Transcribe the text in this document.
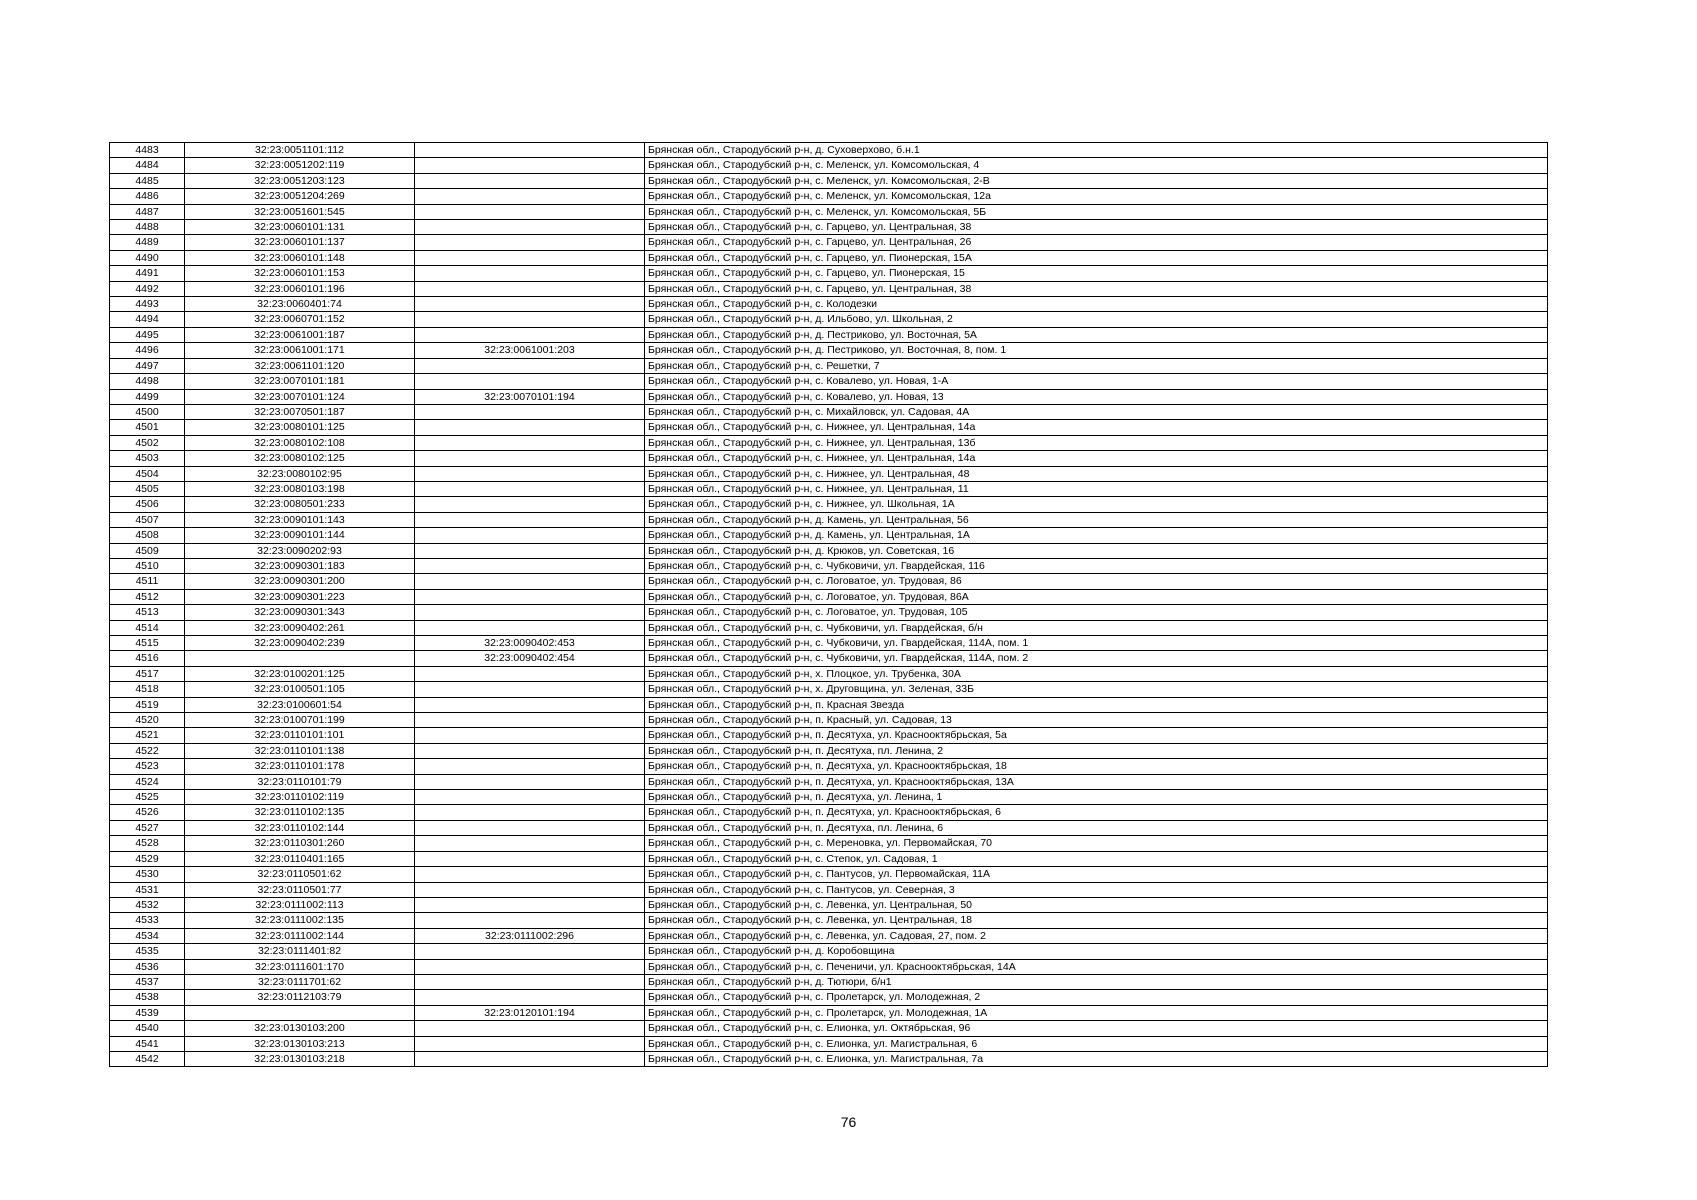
4483	32:23:0051101:112		Брянская обл., Стародубский р-н, д. Суховерхово, б.н.1
4484	32:23:0051202:119		Брянская обл., Стародубский р-н, с. Меленск, ул. Комсомольская, 4
4485	32:23:0051203:123		Брянская обл., Стародубский р-н, с. Меленск, ул. Комсомольская, 2-В
4486	32:23:0051204:269		Брянская обл., Стародубский р-н, с. Меленск, ул. Комсомольская, 12а
4487	32:23:0051601:545		Брянская обл., Стародубский р-н, с. Меленск, ул. Комсомольская, 5Б
4488	32:23:0060101:131		Брянская обл., Стародубский р-н, с. Гарцево, ул. Центральная, 38
4489	32:23:0060101:137		Брянская обл., Стародубский р-н, с. Гарцево, ул. Центральная, 26
4490	32:23:0060101:148		Брянская обл., Стародубский р-н, с. Гарцево, ул. Пионерская, 15А
4491	32:23:0060101:153		Брянская обл., Стародубский р-н, с. Гарцево, ул. Пионерская, 15
4492	32:23:0060101:196		Брянская обл., Стародубский р-н, с. Гарцево, ул. Центральная, 38
4493	32:23:0060401:74		Брянская обл., Стародубский р-н, с. Колодезки
4494	32:23:0060701:152		Брянская обл., Стародубский р-н, д. Ильбово, ул. Школьная, 2
4495	32:23:0061001:187		Брянская обл., Стародубский р-н, д. Пестриково, ул. Восточная, 5А
4496	32:23:0061001:171	32:23:0061001:203	Брянская обл., Стародубский р-н, д. Пестриково, ул. Восточная, 8, пом. 1
4497	32:23:0061101:120		Брянская обл., Стародубский р-н, с. Решетки, 7
4498	32:23:0070101:181		Брянская обл., Стародубский р-н, с. Ковалево, ул. Новая, 1-А
4499	32:23:0070101:124	32:23:0070101:194	Брянская обл., Стародубский р-н, с. Ковалево, ул. Новая, 13
4500	32:23:0070501:187		Брянская обл., Стародубский р-н, с. Михайловск, ул. Садовая, 4А
4501	32:23:0080101:125		Брянская обл., Стародубский р-н, с. Нижнее, ул. Центральная, 14а
4502	32:23:0080102:108		Брянская обл., Стародубский р-н, с. Нижнее, ул. Центральная, 13б
4503	32:23:0080102:125		Брянская обл., Стародубский р-н, с. Нижнее, ул. Центральная, 14а
4504	32:23:0080102:95		Брянская обл., Стародубский р-н, с. Нижнее, ул. Центральная, 48
4505	32:23:0080103:198		Брянская обл., Стародубский р-н, с. Нижнее, ул. Центральная, 11
4506	32:23:0080501:233		Брянская обл., Стародубский р-н, с. Нижнее, ул. Школьная, 1А
4507	32:23:0090101:143		Брянская обл., Стародубский р-н, д. Камень, ул. Центральная, 56
4508	32:23:0090101:144		Брянская обл., Стародубский р-н, д. Камень, ул. Центральная, 1А
4509	32:23:0090202:93		Брянская обл., Стародубский р-н, д. Крюков, ул. Советская, 16
4510	32:23:0090301:183		Брянская обл., Стародубский р-н, с. Чубковичи, ул. Гвардейская, 116
4511	32:23:0090301:200		Брянская обл., Стародубский р-н, с. Логоватое, ул. Трудовая, 86
4512	32:23:0090301:223		Брянская обл., Стародубский р-н, с. Логоватое, ул. Трудовая, 86А
4513	32:23:0090301:343		Брянская обл., Стародубский р-н, с. Логоватое, ул. Трудовая, 105
4514	32:23:0090402:261		Брянская обл., Стародубский р-н, с. Чубковичи, ул. Гвардейская, б/н
4515	32:23:0090402:239	32:23:0090402:453	Брянская обл., Стародубский р-н, с. Чубковичи, ул. Гвардейская, 114А, пом. 1
4516		32:23:0090402:454	Брянская обл., Стародубский р-н, с. Чубковичи, ул. Гвардейская, 114А, пом. 2
4517	32:23:0100201:125		Брянская обл., Стародубский р-н, х. Плоцкое, ул. Трубенка, 30А
4518	32:23:0100501:105		Брянская обл., Стародубский р-н, х. Друговщина, ул. Зеленая, 33Б
4519	32:23:0100601:54		Брянская обл., Стародубский р-н, п. Красная Звезда
4520	32:23:0100701:199		Брянская обл., Стародубский р-н, п. Красный, ул. Садовая, 13
4521	32:23:0110101:101		Брянская обл., Стародубский р-н, п. Десятуха, ул. Краснооктябрьская, 5а
4522	32:23:0110101:138		Брянская обл., Стародубский р-н, п. Десятуха, пл. Ленина, 2
4523	32:23:0110101:178		Брянская обл., Стародубский р-н, п. Десятуха, ул. Краснооктябрьская, 18
4524	32:23:0110101:79		Брянская обл., Стародубский р-н, п. Десятуха, ул. Краснооктябрьская, 13А
4525	32:23:0110102:119		Брянская обл., Стародубский р-н, п. Десятуха, ул. Ленина, 1
4526	32:23:0110102:135		Брянская обл., Стародубский р-н, п. Десятуха, ул. Краснооктябрьская, 6
4527	32:23:0110102:144		Брянская обл., Стародубский р-н, п. Десятуха, пл. Ленина, 6
4528	32:23:0110301:260		Брянская обл., Стародубский р-н, с. Мереновка, ул. Первомайская, 70
4529	32:23:0110401:165		Брянская обл., Стародубский р-н, с. Степок, ул. Садовая, 1
4530	32:23:0110501:62		Брянская обл., Стародубский р-н, с. Пантусов, ул. Первомайская, 11А
4531	32:23:0110501:77		Брянская обл., Стародубский р-н, с. Пантусов, ул. Северная, 3
4532	32:23:0111002:113		Брянская обл., Стародубский р-н, с. Левенка, ул. Центральная, 50
4533	32:23:0111002:135		Брянская обл., Стародубский р-н, с. Левенка, ул. Центральная, 18
4534	32:23:0111002:144	32:23:0111002:296	Брянская обл., Стародубский р-н, с. Левенка, ул. Садовая, 27, пом. 2
4535	32:23:0111401:82		Брянская обл., Стародубский р-н, д. Коробовщина
4536	32:23:0111601:170		Брянская обл., Стародубский р-н, с. Печеничи, ул. Краснооктябрьская, 14А
4537	32:23:0111701:62		Брянская обл., Стародубский р-н, д. Тютюри, б/н1
4538	32:23:0112103:79		Брянская обл., Стародубский р-н, с. Пролетарск, ул. Молодежная, 2
4539		32:23:0120101:194	Брянская обл., Стародубский р-н, с. Пролетарск, ул. Молодежная, 1А
4540	32:23:0130103:200		Брянская обл., Стародубский р-н, с. Елионка, ул. Октябрьская, 96
4541	32:23:0130103:213		Брянская обл., Стародубский р-н, с. Елионка, ул. Магистральная, 6
4542	32:23:0130103:218		Брянская обл., Стародубский р-н, с. Елионка, ул. Магистральная, 7а
76
